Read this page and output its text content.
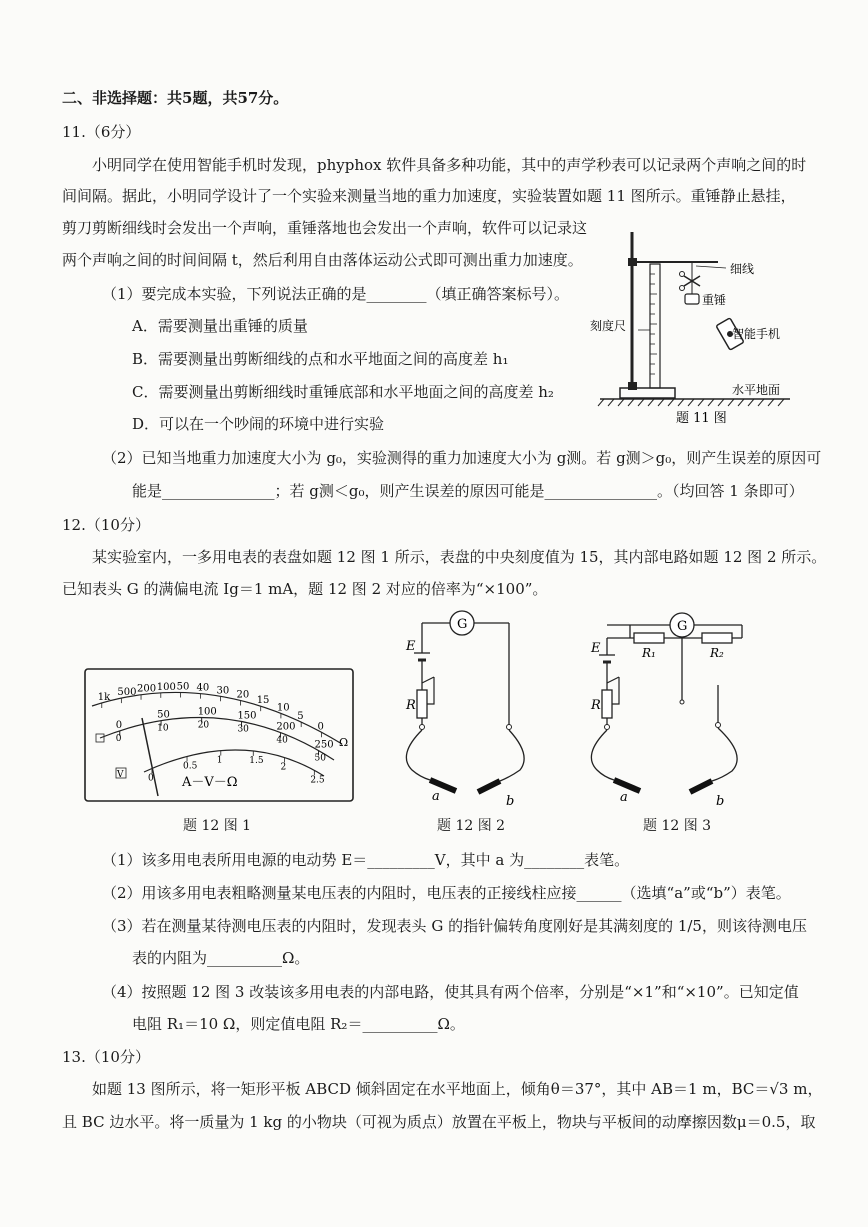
二、非选择题：共5题，共57分。
11.（6分）
小明同学在使用智能手机时发现，phyphox 软件具备多种功能，其中的声学秒表可以记录两个声响之间的时
间间隔。据此，小明同学设计了一个实验来测量当地的重力加速度，实验装置如题 11 图所示。重锤静止悬挂，
剪刀剪断细线时会发出一个声响，重锤落地也会发出一个声响，软件可以记录这
两个声响之间的时间间隔 t，然后利用自由落体运动公式即可测出重力加速度。
（1）要完成本实验，下列说法正确的是________（填正确答案标号）。
A．需要测量出重锤的质量
B．需要测量出剪断细线的点和水平地面之间的高度差 h₁
C．需要测量出剪断细线时重锤底部和水平地面之间的高度差 h₂
D．可以在一个吵闹的环境中进行实验
（2）已知当地重力加速度大小为 g₀，实验测得的重力加速度大小为 g测。若 g测＞g₀，则产生误差的原因可
能是_______________；若 g测＜g₀，则产生误差的原因可能是_______________。（均回答 1 条即可）
12.（10分）
某实验室内，一多用电表的表盘如题 12 图 1 所示，表盘的中央刻度值为 15，其内部电路如题 12 图 2 所示。
已知表头 G 的满偏电流 Ig＝1 mA，题 12 图 2 对应的倍率为“×100”。
（1）该多用电表所用电源的电动势 E＝_________V，其中 a 为________表笔。
（2）用该多用电表粗略测量某电压表的内阻时，电压表的正接线柱应接______（选填“a”或“b”）表笔。
（3）若在测量某待测电压表的内阻时，发现表头 G 的指针偏转角度刚好是其满刻度的 1/5，则该待测电压
表的内阻为__________Ω。
（4）按照题 12 图 3 改装该多用电表的内部电路，使其具有两个倍率，分别是“×1”和“×10”。已知定值
电阻 R₁＝10 Ω，则定值电阻 R₂＝__________Ω。
13.（10分）
如题 13 图所示，将一矩形平板 ABCD 倾斜固定在水平地面上，倾角θ＝37°，其中 AB＝1 m，BC＝√3 m，
且 BC 边水平。将一质量为 1 kg 的小物块（可视为质点）放置在平板上，物块与平板间的动摩擦因数μ＝0.5，取
细线
重锤
刻度尺
智能手机
水平地面
题 11 图
1k 500 200 100 50 40 30 20
15
10
5
0
0
50	100 150
200
250
0
10	20	30
40
50
0
0.5
1	1.5
2
2.5
Ω
V	A－V－Ω
题 12 图 1
G
E
R
a	b
题 12 图 2
G
R₁	R₂
E
R
a	b
题 12 图 3
